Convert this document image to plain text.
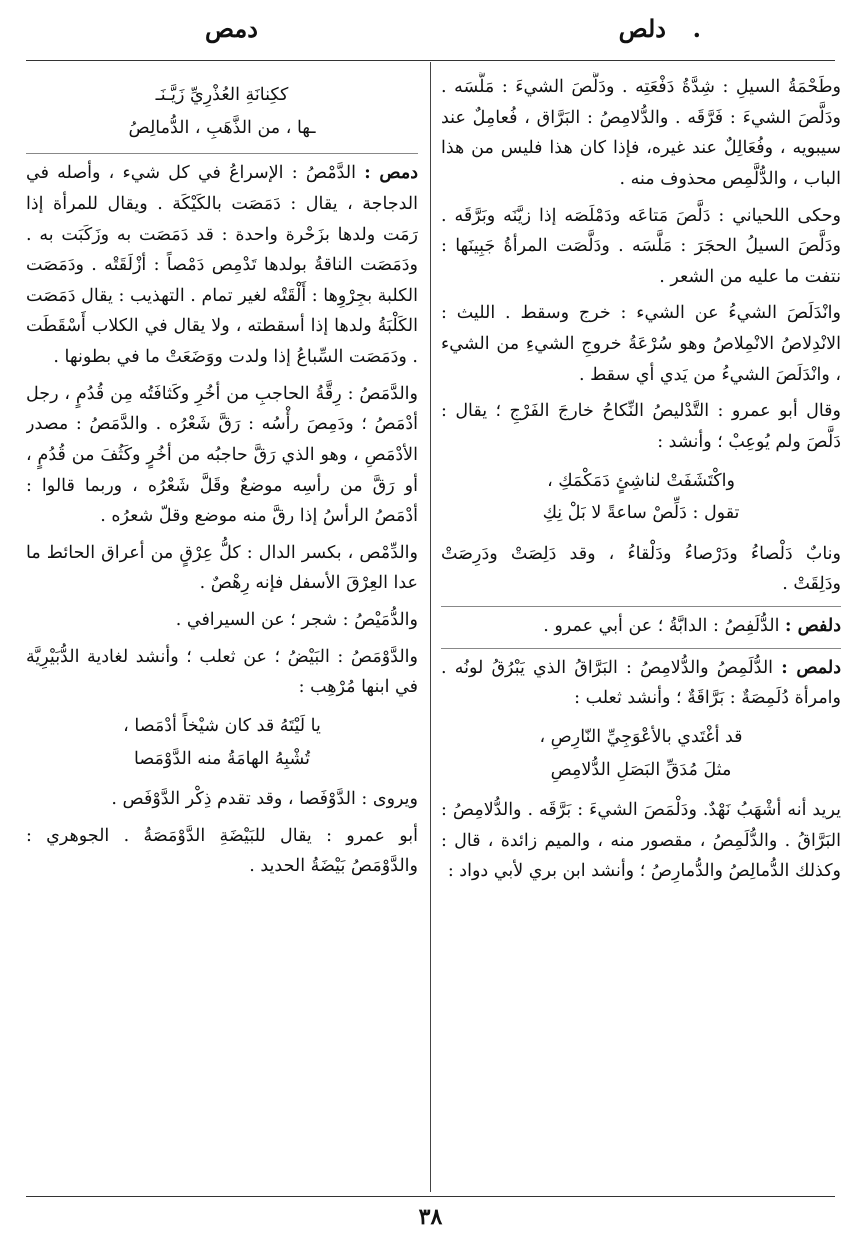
دلص .
دمص
وطَحْمَةُ السيلِ : شِدَّةُ دَفْعَتِه . ودَلَّصَ الشيءَ : مَلَّسَه . ودَلَّصَ الشيءَ : فَرَّقَه . والدُّلامِصُ : البَرَّاق ، فُعامِلٌ عند سيبويه ، وفُعَالِلٌ عند غيره، فإذا كان هذا فليس من هذا الباب ، والدُّلَّمِص محذوف منه .
وحكى اللحياني : دَلَّصَ مَتاعَه ودَمْلَصَه إذا زيَّنَه وبَرَّقَه . ودَلَّصَ السيلُ الحجَرَ : مَلَّسَه . ودَلَّصَت المرأةُ جَبِينَها : نتفت ما عليه من الشعر .
وانْدَلَصَ الشيءُ عن الشيء : خرج وسقط . الليث : الانْدِلاصُ الانْمِلاصُ وهو سُرْعَةُ خروجِ الشيءِ من الشيء ، وانْدَلَصَ الشيءُ من يَدي أي سقط .
وقال أبو عمرو : التَّدْليصُ النِّكاحُ خارجَ الفَرْجِ ؛ يقال : دَلَّصَ ولم يُوعِبْ ؛ وأنشد :
واكْتَشَفَتْ لناشِئٍ دَمَكْمَكِ ،
تقول : دَلِّصْ ساعةً لا بَلْ نِكِ
ونابٌ دَلْصاءُ ودَرْصاءُ ودَلْقاءُ ، وقد دَلِصَتْ ودَرِصَتْ ودَلِقَتْ .
دلفص : الدُّلَفِصُ : الدابَّةُ ؛ عن أبي عمرو .
دلمص : الدُّلَمِصُ والدُّلامِصُ : البَرَّاقُ الذي يَبْرُقُ لونُه . وامرأة دُلَمِصَةٌ : بَرَّاقَةٌ ؛ وأنشد ثعلب :
قد أغْتَدي بالأعْوَجِيِّ النّارِصِ ،
مثلَ مُدَقِّ البَصَلِ الدُّلامِصِ
يريد أنه أشْهَبُ نَهْدٌ. ودَلْمَصَ الشيءَ : بَرَّقَه . والدُّلامِصُ : البَرَّاقُ . والدُّلَمِصُ ، مقصور منه ، والميم زائدة ، قال : وكذلك الدُّمالِصُ والدُّمارِصُ ؛ وأنشد ابن بري لأبي دواد :
ككِنانَةِ العُذْرِيِّ زَيَّـنَـ
ـها ، من الذَّهَبِ ، الدُّمالِصُ
دمص : الدَّمْصُ : الإسراعُ في كل شيء ، وأصله في الدجاجة ، يقال : دَمَصَت بالكَيْكَة . ويقال للمرأة إذا رَمَت ولدها بزَحْرة واحدة : قد دَمَصَت به وزَكَبَت به . ودَمَصَت الناقةُ بولدها تَدْمِص دَمْصاً : أزْلَقَتْه . ودَمَصَت الكلبة بجِرْوِها : أَلْقَتْه لغير تمام . التهذيب : يقال دَمَصَت الكَلْبَةُ ولدها إذا أسقطته ، ولا يقال في الكلاب أَسْقَطَت . ودَمَصَت السِّباعُ إذا ولدت ووَضَعَتْ ما في بطونها .
والدَّمَصُ : رِقَّةُ الحاجبِ من أخُرِ وكَثافَتُه مِن قُدُمٍ ، رجل أدْمَصُ ؛ ودَمِصَ رأْسُه : رَقَّ شَعْرُه . والدَّمَصُ : مصدر الأدْمَصِ ، وهو الذي رَقَّ حاجبُه من أخُرٍ وكَثُفَ من قُدُمٍ ، أو رَقَّ من رأسِه موضعٌ وقَلَّ شَعْرُه ، وربما قالوا : أدْمَصُ الرأسُ إذا رقَّ منه موضع وقلّ شعرُه .
والدِّمْص ، بكسر الدال : كلُّ عِرْقٍ من أعراق الحائط ما عدا العِرْقَ الأسفل فإنه رِهْصٌ .
والدُّمَيْصُ : شجر ؛ عن السيرافي .
والدَّوْمَصُ : البَيْضُ ؛ عن ثعلب ؛ وأنشد لغادية الدُّبَيْرِيَّة في ابنها مُرْهِب :
يا لَيْتَهُ قد كان شيْخاً أدْمَصا ،
تُشْبِهُ الهامَةُ منه الدَّوْمَصا
ويروى : الدَّوْفَصا ، وقد تقدم ذِكْر الدَّوْفَص .
أبو عمرو : يقال للبَيْضَةِ الدَّوْمَصَةُ . الجوهري : والدَّوْمَصُ بَيْضَةُ الحديد .
٣٨
